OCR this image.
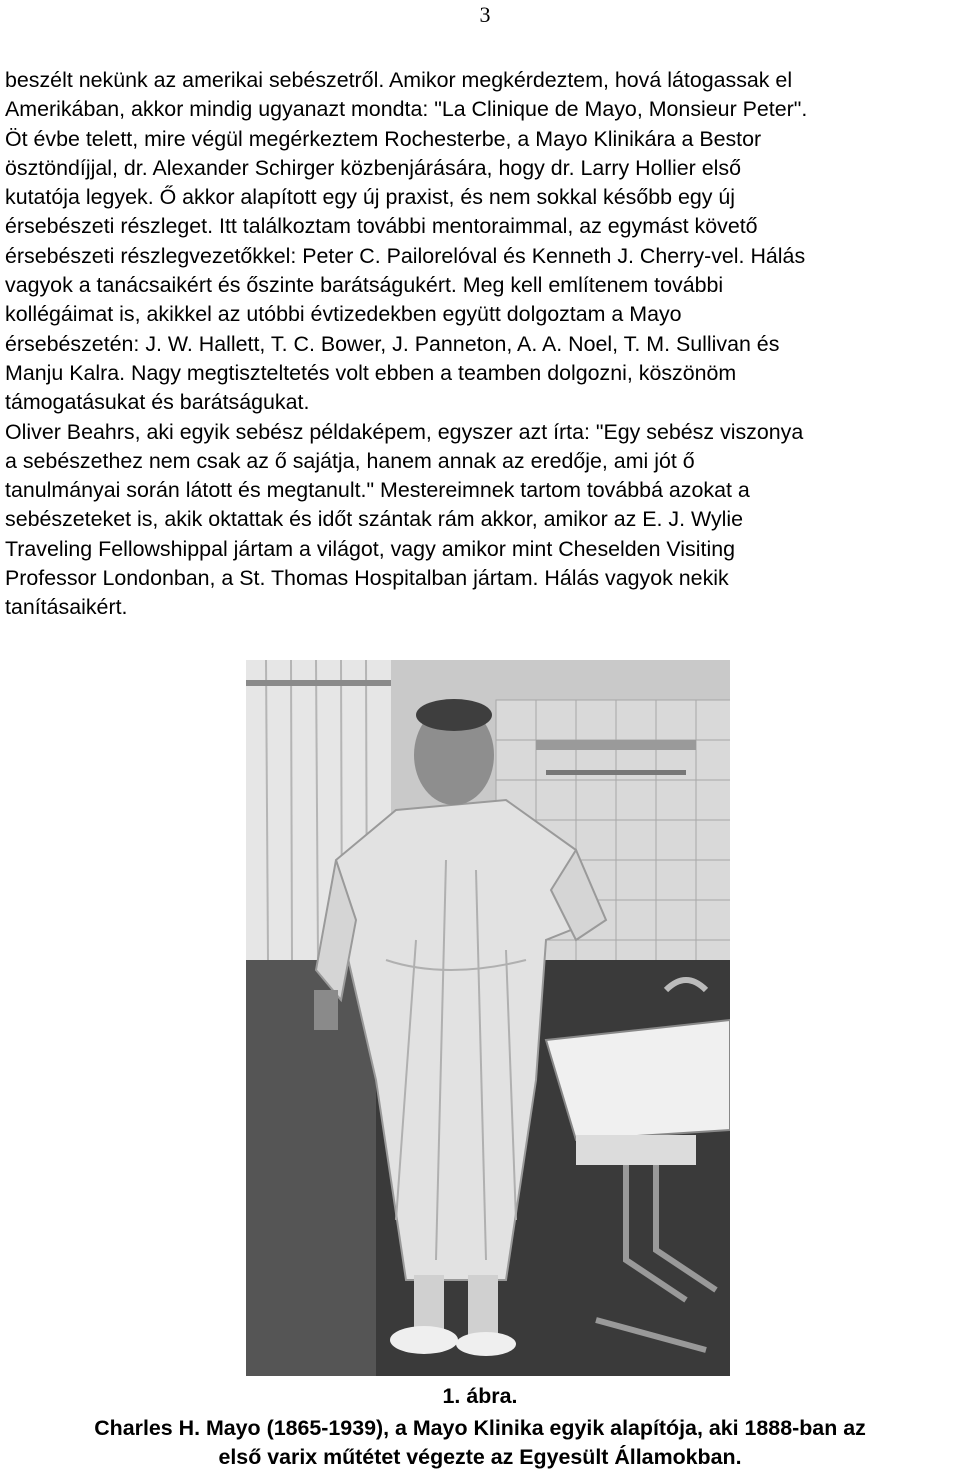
3
beszélt nekünk az amerikai sebészetről. Amikor megkérdeztem, hová látogassak el
Amerikában, akkor mindig ugyanazt mondta: "La Clinique de Mayo, Monsieur Peter".
Öt évbe telett, mire végül megérkeztem Rochesterbe, a Mayo Klinikára a Bestor
ösztöndíjjal, dr. Alexander Schirger közbenjárására, hogy dr. Larry Hollier első
kutatója legyek. Ő akkor alapított egy új praxist, és nem sokkal később egy új
érsebészeti részleget. Itt találkoztam további mentoraimmal, az egymást követő
érsebészeti részlegvezetőkkel: Peter C. Pailorelóval és Kenneth J. Cherry-vel. Hálás
vagyok a tanácsaikért és őszinte barátságukért. Meg kell említenem további
kollégáimat is, akikkel az utóbbi évtizedekben együtt dolgoztam a Mayo
érsebészetén: J. W. Hallett, T. C. Bower, J. Panneton, A. A. Noel, T. M. Sullivan és
Manju Kalra. Nagy megtiszteltetés volt ebben a teamben dolgozni, köszönöm
támogatásukat és barátságukat.
Oliver Beahrs, aki egyik sebész példaképem, egyszer azt írta: "Egy sebész viszonya
a sebészethez nem csak az ő sajátja, hanem annak az eredője, ami jót ő
tanulmányai során látott és megtanult." Mestereimnek tartom továbbá azokat a
sebészeteket is, akik oktattak és időt szántak rám akkor, amikor az E. J. Wylie
Traveling Fellowshippal jártam a világot, vagy amikor mint Cheselden Visiting
Professor Londonban, a St. Thomas Hospitalban jártam. Hálás vagyok nekik
tanításaikért.
1. ábra.
Charles H. Mayo (1865-1939), a Mayo Klinika egyik alapítója, aki 1888-ban az
első varix műtétet végezte az Egyesült Államokban.
